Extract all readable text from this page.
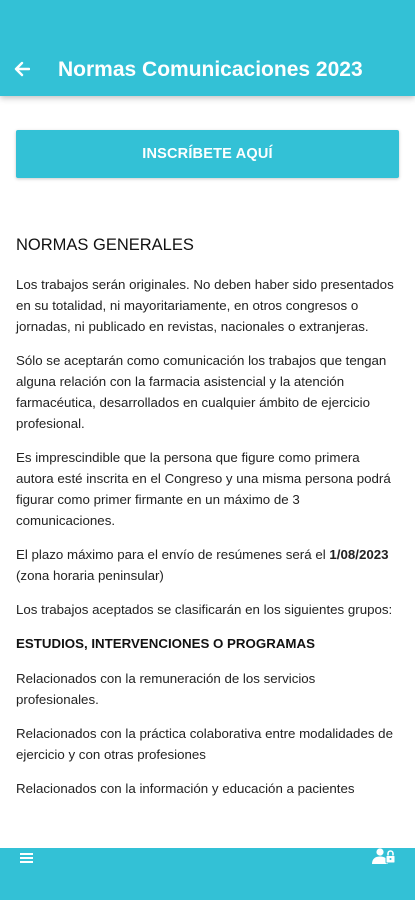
Normas Comunicaciones 2023
INSCRÍBETE AQUÍ
NORMAS GENERALES

Los trabajos serán originales. No deben haber sido presentados en su totalidad, ni mayoritariamente, en otros congresos o jornadas, ni publicado en revistas, nacionales o extranjeras.

Sólo se aceptarán como comunicación los trabajos que tengan alguna relación con la farmacia asistencial y la atención farmacéutica, desarrollados en cualquier ámbito de ejercicio profesional.

Es imprescindible que la persona que figure como primera autora esté inscrita en el Congreso y una misma persona podrá figurar como primer firmante en un máximo de 3 comunicaciones.

El plazo máximo para el envío de resúmenes será el 1/08/2023 (zona horaria peninsular)

Los trabajos aceptados se clasificarán en los siguientes grupos:

ESTUDIOS, INTERVENCIONES O PROGRAMAS

Relacionados con la remuneración de los servicios profesionales.

Relacionados con la práctica colaborativa entre modalidades de ejercicio y con otras profesiones

Relacionados con la información y educación a pacientes
